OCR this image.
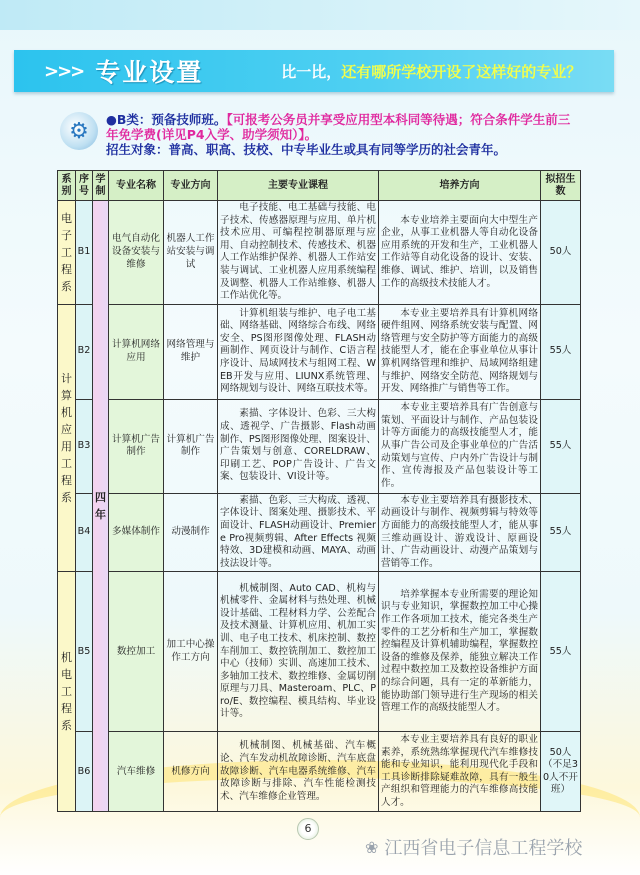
>>> 专业设置	比一比，还有哪所学校开设了这样好的专业？
⚙	●B类：预备技师班。【可报考公务员并享受应用型本科同等待遇；符合条件学生前三年免学费(详见P4入学、助学须知）】。
招生对象：普高、职高、技校、中专毕业生或具有同等学历的社会青年。
系别	序号	学制	专业名称	专业方向	主要专业课程	培养方向	拟招生数
电子工程系	B1	四年	电气自动化设备安装与维修	机器人工作站安装与调试	电子技能、电工基础与技能、电子技术、传感器原理与应用、单片机技术应用、可编程控制器原理与应用、自动控制技术、传感技术、机器人工作站维护保养、机器人工作站安装与调试、工业机器人应用系统编程及调整、机器人工作站维修、机器人工作站优化等。	本专业培养主要面向大中型生产企业，从事工业机器人等自动化设备应用系统的开发和生产，工业机器人工作站等自动化设备的设计、安装、维修、调试、维护、培训，以及销售工作的高级技术技能人才。	50人
计算机应用工程系	B2		计算机网络应用	网络管理与维护	计算机组装与维护、电子电工基础、网络基础、网络综合布线、网络安全、PS图形图像处理、FLASH动画制作、网页设计与制作、C语言程序设计、局域网技术与组网工程、WEB开发与应用、LIUNX系统管理、网络规划与设计、网络互联技术等。	本专业主要培养具有计算机网络硬件组网、网络系统安装与配置、网络管理与安全防护等方面能力的高级技能型人才，能在企事业单位从事计算机网络管理和维护、局域网络组建与维护、网络安全防范、网络规划与开发、网络推广与销售等工作。	55人
	B3		计算机广告制作	计算机广告制作	素描、字体设计、色彩、三大构成、透视学、广告摄影、Flash动画制作、PS图形图像处理、图案设计、广告策划与创意、CORELDRAW、印刷工艺、POP广告设计、广告文案、包装设计、VI设计等。	本专业主要培养具有广告创意与策划、平面设计与制作、产品包装设计等方面能力的高级技能型人才，能从事广告公司及企事业单位的广告活动策划与宣传、户内外广告设计与制作、宣传海报及产品包装设计等工作。	55人
	B4		多媒体制作	动漫制作	素描、色彩、三大构成、透视、字体设计、图案处理、摄影技术、平面设计、FLASH动画设计、Premiere Pro视频剪辑、After Effects 视频特效、3D建模和动画、MAYA、动画技法设计等。	本专业主要培养具有摄影技术、动画设计与制作、视频剪辑与特效等方面能力的高级技能型人才，能从事三维动画设计、游戏设计、原画设计、广告动画设计、动漫产品策划与营销等工作。	55人
机电工程系	B5		数控加工	加工中心操作工方向	机械制图、Auto CAD、机构与机械零件、金属材料与热处理、机械设计基础、工程材料力学、公差配合及技术测量、计算机应用、机加工实训、电子电工技术、机床控制、数控车削加工、数控铣削加工、数控加工中心（技师）实训、高速加工技术、多轴加工技术、数控维修、金属切削原理与刀具、Masteroam、PLC、Pro/E、数控编程、模具结构、毕业设计等。	培养掌握本专业所需要的理论知识与专业知识，掌握数控加工中心操作工作各项加工技术，能完各类生产零件的工艺分析和生产加工，掌握数控编程及计算机辅助编程，掌握数控设备的维修及保养，能独立解决工作过程中数控加工及数控设备维护方面的综合问题，具有一定的革新能力，能协助部门领导进行生产现场的相关管理工作的高级技能型人才。	55人
	B6		汽车维修	机修方向	机械制图、机械基础、汽车概论、汽车发动机故障诊断、汽车底盘故障诊断、汽车电器系统维修、汽车故障诊断与排除、汽车性能检测技术、汽车维修企业管理。	本专业主要培养具有良好的职业素养，系统熟练掌握现代汽车维修技能和专业知识，能利用现代化手段和工具诊断排除疑难故障，具有一般生产组织和管理能力的汽车维修高技能人才。	50人（不足30人不开班）
6
❀ 江西省电子信息工程学校
